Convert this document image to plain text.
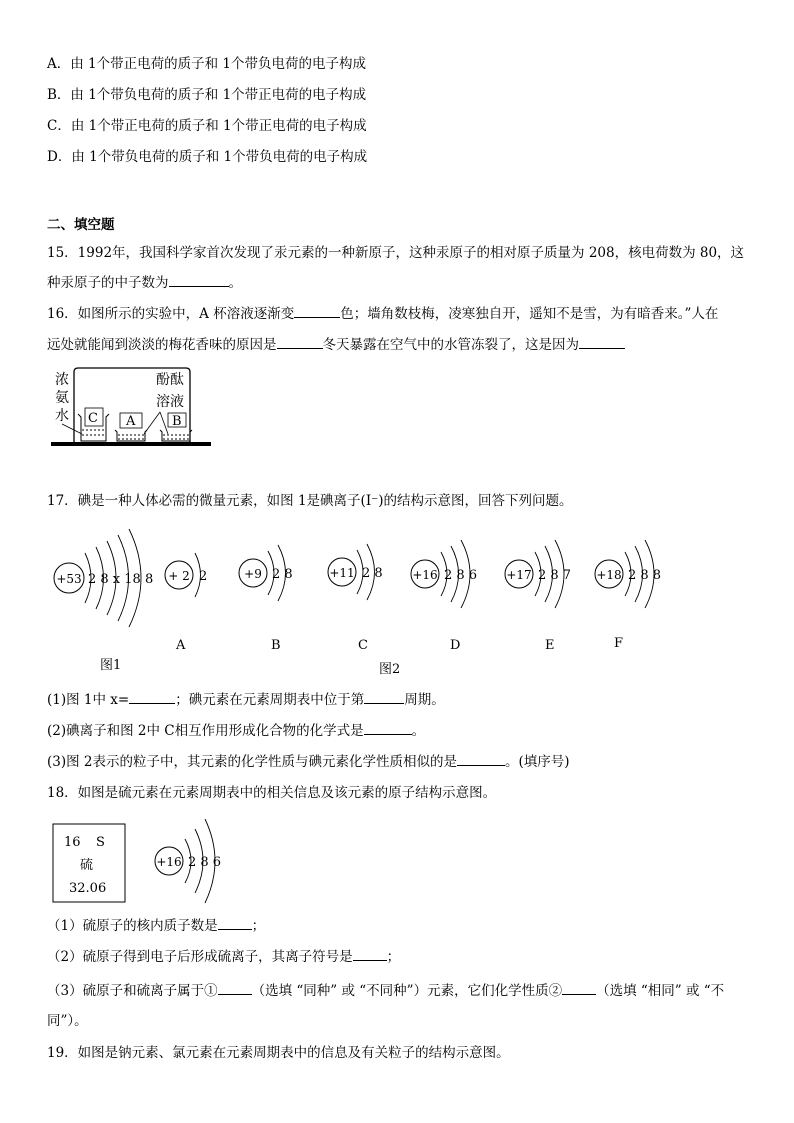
A．由 1个带正电荷的质子和 1个带负电荷的电子构成
B．由 1个带负电荷的质子和 1个带正电荷的电子构成
C．由 1个带正电荷的质子和 1个带正电荷的电子构成
D．由 1个带负电荷的质子和 1个带负电荷的电子构成
二、填空题
15．1992年，我国科学家首次发现了汞元素的一种新原子，这种汞原子的相对原子质量为 208，核电荷数为 80，这
种汞原子的中子数为	。
16．如图所示的实验中，A 杯溶液逐渐变	色；墙角数枝梅，凌寒独自开，遥知不是雪，为有暗香来。”人在
远处就能闻到淡淡的梅花香味的原因是	冬天暴露在空气中的水管冻裂了，这是因为
浓
氨
水
酚酞
溶液
C A	B
17．碘是一种人体必需的微量元素，如图 1是碘离子(I⁻)的结构示意图，回答下列问题。
+53 2 8 x 18 8 + 2 2
A
+9 2 8
B
+11 2 8
C
+16 2 8 6
D
+17 2 8 7
E
+18 2 8 8
F
图1	图2
(1)图 1中 x=	；碘元素在元素周期表中位于第	周期。
(2)碘离子和图 2中 C相互作用形成化合物的化学式是	。
(3)图 2表示的粒子中，其元素的化学性质与碘元素化学性质相似的是	。(填序号)
18．如图是硫元素在元素周期表中的相关信息及该元素的原子结构示意图。
16 S
硫
32.06
+16 2 8 6
（1）硫原子的核内质子数是	；
（2）硫原子得到电子后形成硫离子，其离子符号是	；
（3）硫原子和硫离子属于①	（选填 “同种” 或 “不同种”）元素，它们化学性质②	（选填 “相同” 或 “不
同”）。
19．如图是钠元素、氯元素在元素周期表中的信息及有关粒子的结构示意图。
